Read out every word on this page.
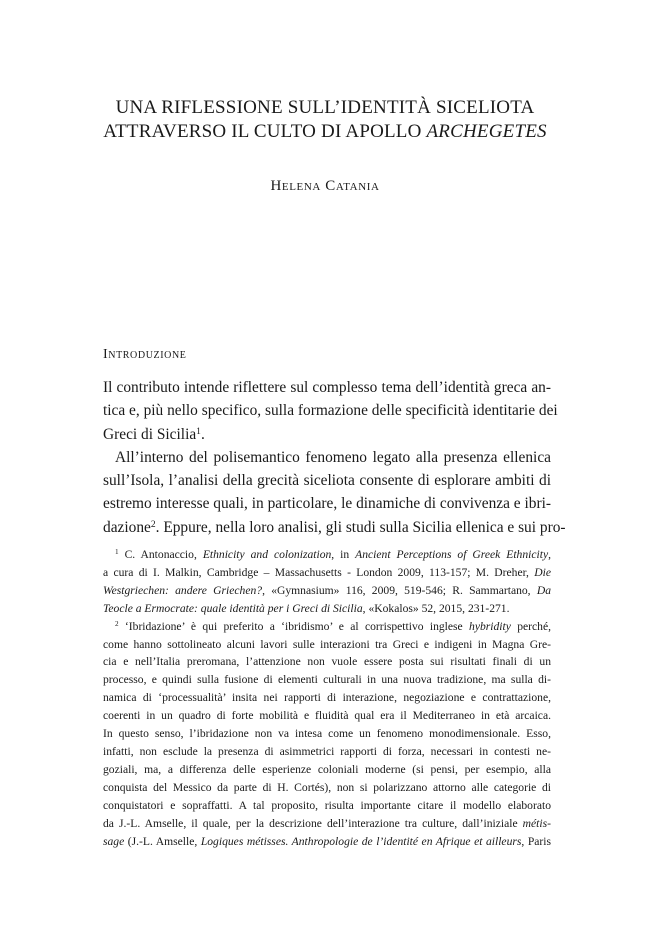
UNA RIFLESSIONE SULL’IDENTITÀ SICELIOTA
ATTRAVERSO IL CULTO DI APOLLO ARCHEGETES
Helena Catania
Introduzione
Il contributo intende riflettere sul complesso tema dell’identità greca an-
tica e, più nello specifico, sulla formazione delle specificità identitarie dei
Greci di Sicilia$^1$.
All’interno del polisemantico fenomeno legato alla presenza ellenica
sull’Isola, l’analisi della grecità siceliota consente di esplorare ambiti di
estremo interesse quali, in particolare, le dinamiche di convivenza e ibri-
dazione$^2$. Eppure, nella loro analisi, gli studi sulla Sicilia ellenica e sui pro-
$^1$ C. Antonaccio, Ethnicity and colonization, in Ancient Perceptions of Greek Ethnicity,
a cura di I. Malkin, Cambridge – Massachusetts - London 2009, 113-157; M. Dreher, Die
Westgriechen: andere Griechen?, «Gymnasium» 116, 2009, 519-546; R. Sammartano, Da
Teocle a Ermocrate: quale identità per i Greci di Sicilia, «Kokalos» 52, 2015, 231-271.
$^2$ ‘Ibridazione’ è qui preferito a ‘ibridismo’ e al corrispettivo inglese hybridity perché,
come hanno sottolineato alcuni lavori sulle interazioni tra Greci e indigeni in Magna Gre-
cia e nell’Italia preromana, l’attenzione non vuole essere posta sui risultati finali di un
processo, e quindi sulla fusione di elementi culturali in una nuova tradizione, ma sulla di-
namica di ‘processualità’ insita nei rapporti di interazione, negoziazione e contrattazione,
coerenti in un quadro di forte mobilità e fluidità qual era il Mediterraneo in età arcaica.
In questo senso, l’ibridazione non va intesa come un fenomeno monodimensionale. Esso,
infatti, non esclude la presenza di asimmetrici rapporti di forza, necessari in contesti ne-
goziali, ma, a differenza delle esperienze coloniali moderne (si pensi, per esempio, alla
conquista del Messico da parte di H. Cortés), non si polarizzano attorno alle categorie di
conquistatori e sopraffatti. A tal proposito, risulta importante citare il modello elaborato
da J.-L. Amselle, il quale, per la descrizione dell’interazione tra culture, dall’iniziale métis-
sage (J.-L. Amselle, Logiques métisses. Anthropologie de l’identité en Afrique et ailleurs, Paris
